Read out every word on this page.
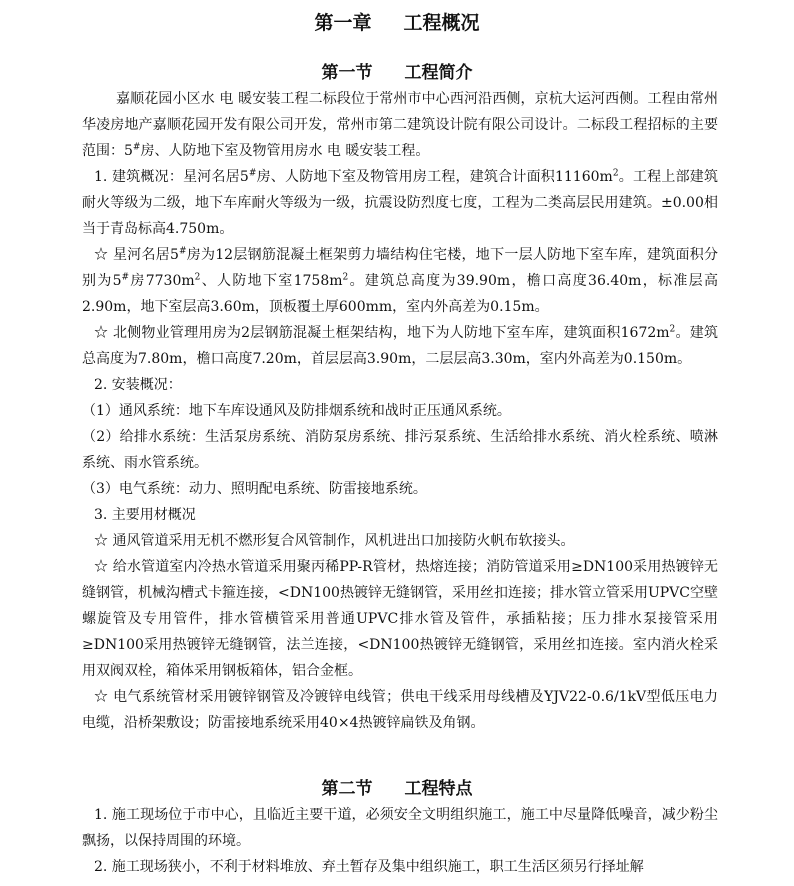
第一章 工程概况
第一节 工程简介

嘉顺花园小区水 电 暖安装工程二标段位于常州市中心西河沿西侧，京杭大运河西侧。工程由常州华凌房地产嘉顺花园开发有限公司开发，常州市第二建筑设计院有限公司设计。二标段工程招标的主要范围：5#房、人防地下室及物管用房水 电 暖安装工程。

1. 建筑概况：星河名居5#房、人防地下室及物管用房工程，建筑合计面积$11160m^2$。工程上部建筑耐火等级为二级，地下车库耐火等级为一级，抗震设防烈度七度，工程为二类高层民用建筑。±0.00相当于青岛标高4.750m。

☆ 星河名居5#房为12层钢筋混凝土框架剪力墙结构住宅楼，地下一层人防地下室车库，建筑面积分别为5#房$7730m^2$、人防地下室$1758m^2$。建筑总高度为39.90m，檐口高度36.40m，标准层高2.90m，地下室层高3.60m，顶板覆土厚600mm，室内外高差为0.15m。

☆ 北侧物业管理用房为2层钢筋混凝土框架结构，地下为人防地下室车库，建筑面积$1672m^2$。建筑总高度为7.80m，檐口高度7.20m，首层层高3.90m，二层层高3.30m，室内外高差为0.150m。

2. 安装概况：

（1）通风系统：地下车库设通风及防排烟系统和战时正压通风系统。

（2）给排水系统：生活泵房系统、消防泵房系统、排污泵系统、生活给排水系统、消火栓系统、喷淋系统、雨水管系统。

（3）电气系统：动力、照明配电系统、防雷接地系统。

3. 主要用材概况

☆ 通风管道采用无机不燃形复合风管制作，风机进出口加接防火帆布软接头。

☆ 给水管道室内冷热水管道采用聚丙稀PP-R管材，热熔连接；消防管道采用≥DN100采用热镀锌无缝钢管，机械沟槽式卡箍连接，<DN100热镀锌无缝钢管，采用丝扣连接；排水管立管采用UPVC空壁螺旋管及专用管件，排水管横管采用普通UPVC排水管及管件，承插粘接；压力排水泵接管采用≥DN100采用热镀锌无缝钢管，法兰连接，<DN100热镀锌无缝钢管，采用丝扣连接。室内消火栓采用双阀双栓，箱体采用钢板箱体，铝合金框。

☆ 电气系统管材采用镀锌钢管及冷镀锌电线管；供电干线采用母线槽及YJV22-0.6/1kV型低压电力电缆，沿桥架敷设；防雷接地系统采用40×4热镀锌扁铁及角钢。

第二节 工程特点

1. 施工现场位于市中心，且临近主要干道，必须安全文明组织施工，施工中尽量降低噪音，减少粉尘飘扬，以保持周围的环境。

2. 施工现场狭小，不利于材料堆放、弃土暂存及集中组织施工，职工生活区须另行择址解
